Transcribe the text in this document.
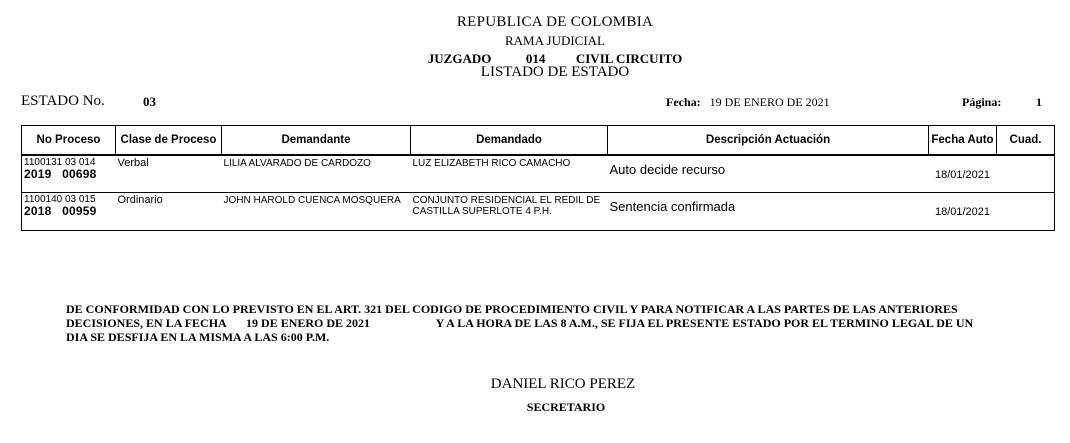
REPUBLICA DE COLOMBIA
RAMA JUDICIAL
JUZGADO	014 CIVIL CIRCUITO
LISTADO DE ESTADO
ESTADO No.	03	Fecha: 19 DE ENERO DE 2021	Página:	1
No Proceso	Clase de Proceso	Demandante	Demandado	Descripción Actuación	Fecha Auto	Cuad.

1100131 03 014
2019   00698	Verbal	LILIA ALVARADO DE CARDOZO	LUZ ELIZABETH RICO CAMACHO	Auto decide recurso	18/01/2021	

1100140 03 015
2018   00959	Ordinario	JOHN HAROLD CUENCA MOSQUERA	CONJUNTO RESIDENCIAL EL REDIL DE CASTILLA SUPERLOTE 4 P.H.	Sentencia confirmada	18/01/2021	
DE CONFORMIDAD CON LO PREVISTO EN EL ART. 321 DEL CODIGO DE PROCEDIMIENTO CIVIL Y PARA NOTIFICAR A LAS PARTES DE LAS ANTERIORES DECISIONES, EN LA FECHA 19 DE ENERO DE 2021	Y A LA HORA DE LAS 8 A.M., SE FIJA EL PRESENTE ESTADO POR EL TERMINO LEGAL DE UN DIA SE DESFIJA EN LA MISMA A LAS 6:00 P.M.
DANIEL RICO PEREZ
SECRETARIO
